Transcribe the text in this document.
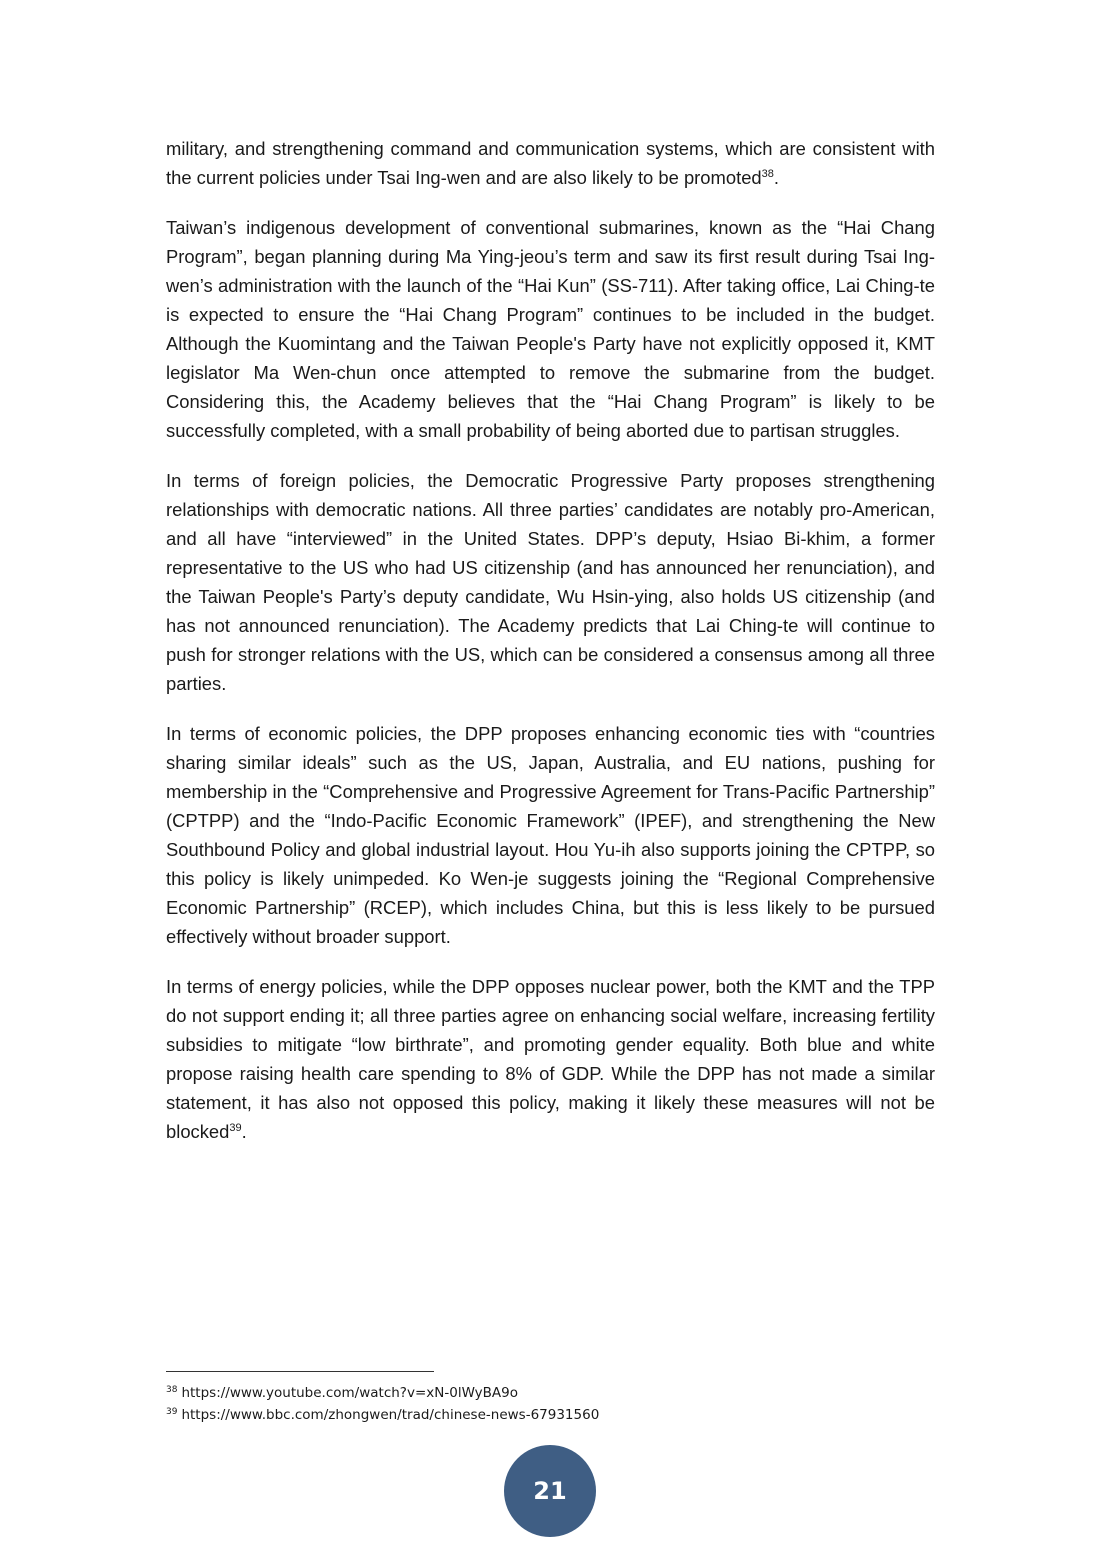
military, and strengthening command and communication systems, which are consistent with the current policies under Tsai Ing-wen and are also likely to be promoted$^{38}$.

Taiwan’s indigenous development of conventional submarines, known as the “Hai Chang Program”, began planning during Ma Ying-jeou’s term and saw its first result during Tsai Ing-wen’s administration with the launch of the “Hai Kun” (SS-711). After taking office, Lai Ching-te is expected to ensure the “Hai Chang Program” continues to be included in the budget. Although the Kuomintang and the Taiwan People's Party have not explicitly opposed it, KMT legislator Ma Wen-chun once attempted to remove the submarine from the budget. Considering this, the Academy believes that the “Hai Chang Program” is likely to be successfully completed, with a small probability of being aborted due to partisan struggles.

In terms of foreign policies, the Democratic Progressive Party proposes strengthening relationships with democratic nations. All three parties’ candidates are notably pro-American, and all have “interviewed” in the United States. DPP’s deputy, Hsiao Bi-khim, a former representative to the US who had US citizenship (and has announced her renunciation), and the Taiwan People's Party’s deputy candidate, Wu Hsin-ying, also holds US citizenship (and has not announced renunciation). The Academy predicts that Lai Ching-te will continue to push for stronger relations with the US, which can be considered a consensus among all three parties.

In terms of economic policies, the DPP proposes enhancing economic ties with “countries sharing similar ideals” such as the US, Japan, Australia, and EU nations, pushing for membership in the “Comprehensive and Progressive Agreement for Trans-Pacific Partnership” (CPTPP) and the “Indo-Pacific Economic Framework” (IPEF), and strengthening the New Southbound Policy and global industrial layout. Hou Yu-ih also supports joining the CPTPP, so this policy is likely unimpeded. Ko Wen-je suggests joining the “Regional Comprehensive Economic Partnership” (RCEP), which includes China, but this is less likely to be pursued effectively without broader support.

In terms of energy policies, while the DPP opposes nuclear power, both the KMT and the TPP do not support ending it; all three parties agree on enhancing social welfare, increasing fertility subsidies to mitigate “low birthrate”, and promoting gender equality. Both blue and white propose raising health care spending to 8% of GDP. While the DPP has not made a similar statement, it has also not opposed this policy, making it likely these measures will not be blocked$^{39}$.

$^{38}$ https://www.youtube.com/watch?v=xN-0lWyBA9o
$^{39}$ https://www.bbc.com/zhongwen/trad/chinese-news-67931560
21
